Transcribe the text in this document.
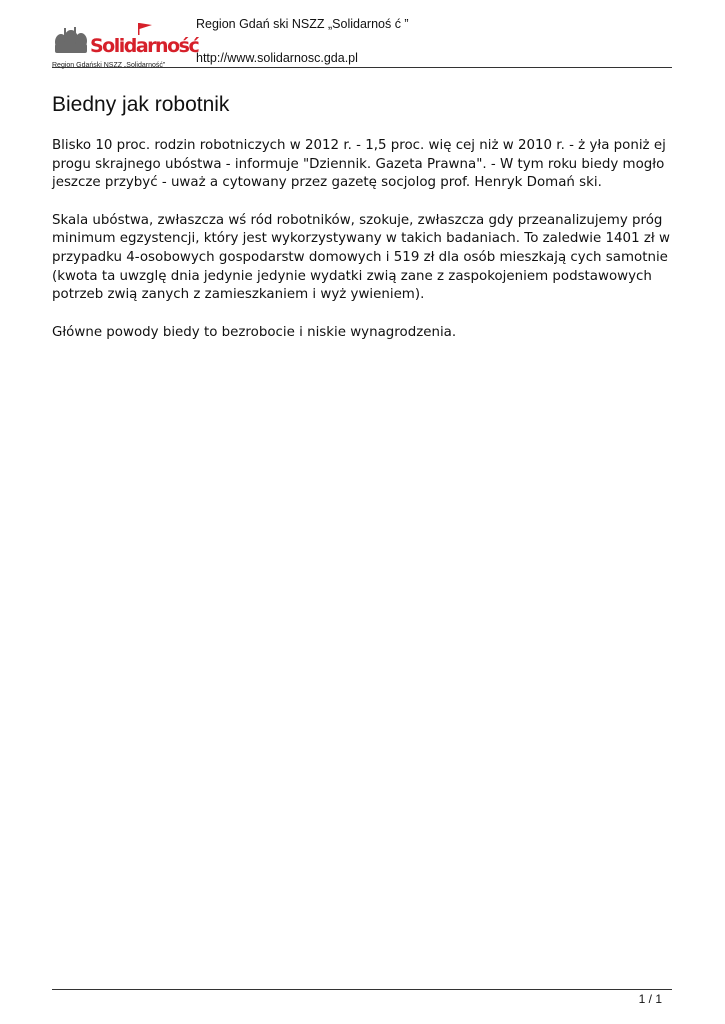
Solidarność
Region Gdański NSZZ „Solidarność”
Region Gdań ski NSZZ „Solidarnoś ć ”
http://www.solidarnosc.gda.pl
Biedny jak robotnik

Blisko 10 proc. rodzin robotniczych w 2012 r. - 1,5 proc. wię cej niż w 2010 r. - ż yła poniż ej progu skrajnego ubóstwa - informuje "Dziennik. Gazeta Prawna". - W tym roku biedy mogło jeszcze przybyć - uważ a cytowany przez gazetę socjolog prof. Henryk Domań ski.

Skala ubóstwa, zwłaszcza wś ród robotników, szokuje, zwłaszcza gdy przeanalizujemy próg minimum egzystencji, który jest wykorzystywany w takich badaniach. To zaledwie 1401 zł w przypadku 4-osobowych gospodarstw domowych i 519 zł dla osób mieszkają cych samotnie (kwota ta uwzglę dnia jedynie jedynie wydatki zwią zane z zaspokojeniem podstawowych potrzeb zwią zanych z zamieszkaniem i wyż ywieniem).

Główne powody biedy to bezrobocie i niskie wynagrodzenia.

1 / 1
